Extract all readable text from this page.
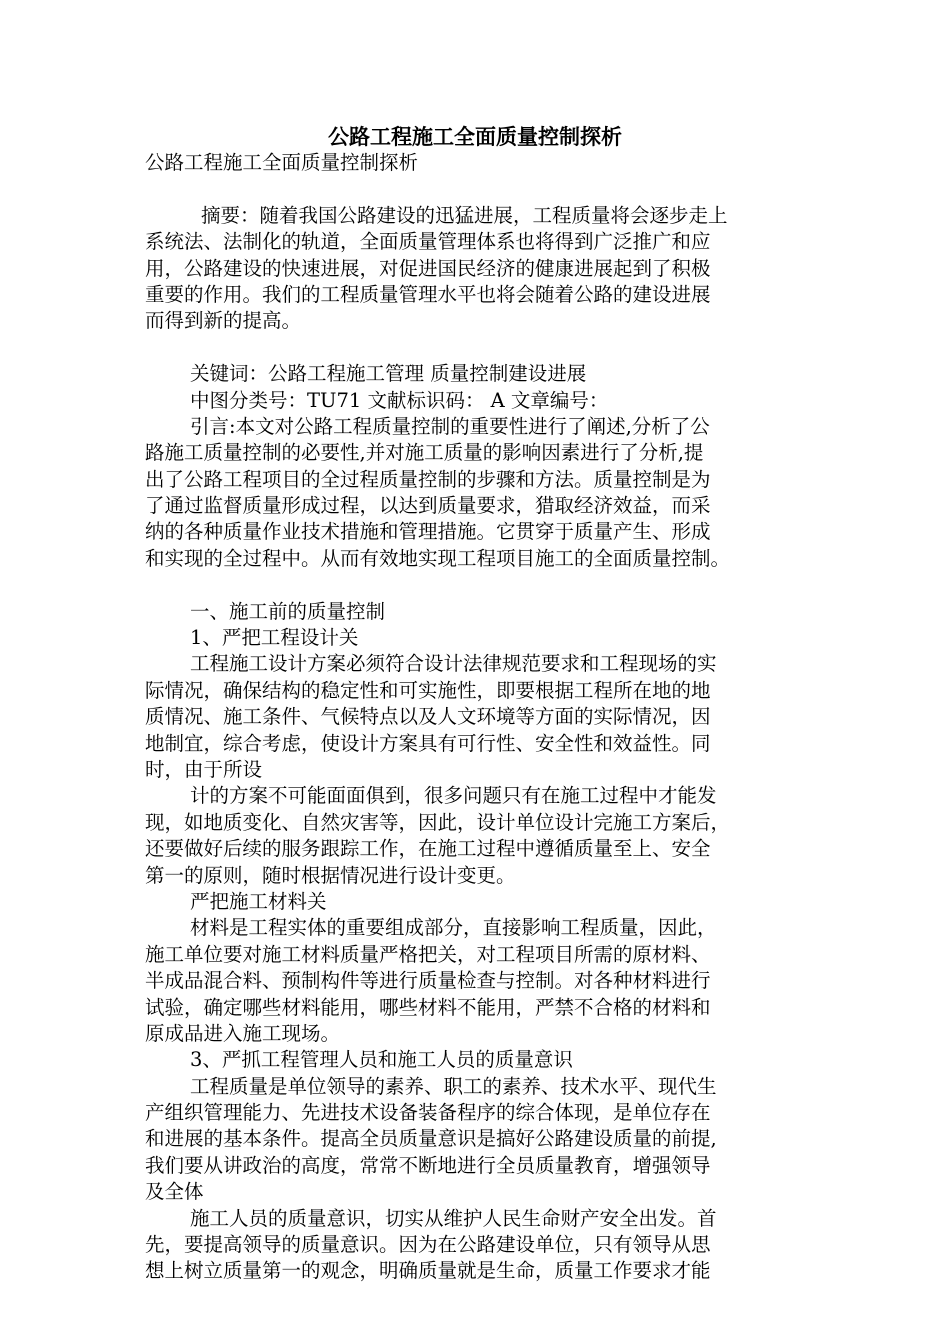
公路工程施工全面质量控制探析
公路工程施工全面质量控制探析
摘要：随着我国公路建设的迅猛进展，工程质量将会逐步走上
系统法、法制化的轨道，全面质量管理体系也将得到广泛推广和应
用，公路建设的快速进展，对促进国民经济的健康进展起到了积极
重要的作用。我们的工程质量管理水平也将会随着公路的建设进展
而得到新的提高。
关键词：公路工程施工管理 质量控制建设进展
中图分类号：TU71 文献标识码： A 文章编号：
引言:本文对公路工程质量控制的重要性进行了阐述,分析了公
路施工质量控制的必要性,并对施工质量的影响因素进行了分析,提
出了公路工程项目的全过程质量控制的步骤和方法。质量控制是为
了通过监督质量形成过程，以达到质量要求，猎取经济效益，而采
纳的各种质量作业技术措施和管理措施。它贯穿于质量产生、形成
和实现的全过程中。从而有效地实现工程项目施工的全面质量控制。
一、施工前的质量控制
1、严把工程设计关
工程施工设计方案必须符合设计法律规范要求和工程现场的实
际情况，确保结构的稳定性和可实施性，即要根据工程所在地的地
质情况、施工条件、气候特点以及人文环境等方面的实际情况，因
地制宜，综合考虑，使设计方案具有可行性、安全性和效益性。同
时，由于所设
计的方案不可能面面俱到，很多问题只有在施工过程中才能发
现，如地质变化、自然灾害等，因此，设计单位设计完施工方案后，
还要做好后续的服务跟踪工作，在施工过程中遵循质量至上、安全
第一的原则，随时根据情况进行设计变更。
严把施工材料关
材料是工程实体的重要组成部分，直接影响工程质量，因此，
施工单位要对施工材料质量严格把关，对工程项目所需的原材料、
半成品混合料、预制构件等进行质量检查与控制。对各种材料进行
试验，确定哪些材料能用，哪些材料不能用，严禁不合格的材料和
原成品进入施工现场。
3、严抓工程管理人员和施工人员的质量意识
工程质量是单位领导的素养、职工的素养、技术水平、现代生
产组织管理能力、先进技术设备装备程序的综合体现，是单位存在
和进展的基本条件。提高全员质量意识是搞好公路建设质量的前提,
我们要从讲政治的高度，常常不断地进行全员质量教育，增强领导
及全体
施工人员的质量意识，切实从维护人民生命财产安全出发。首
先，要提高领导的质量意识。因为在公路建设单位，只有领导从思
想上树立质量第一的观念，明确质量就是生命，质量工作要求才能
